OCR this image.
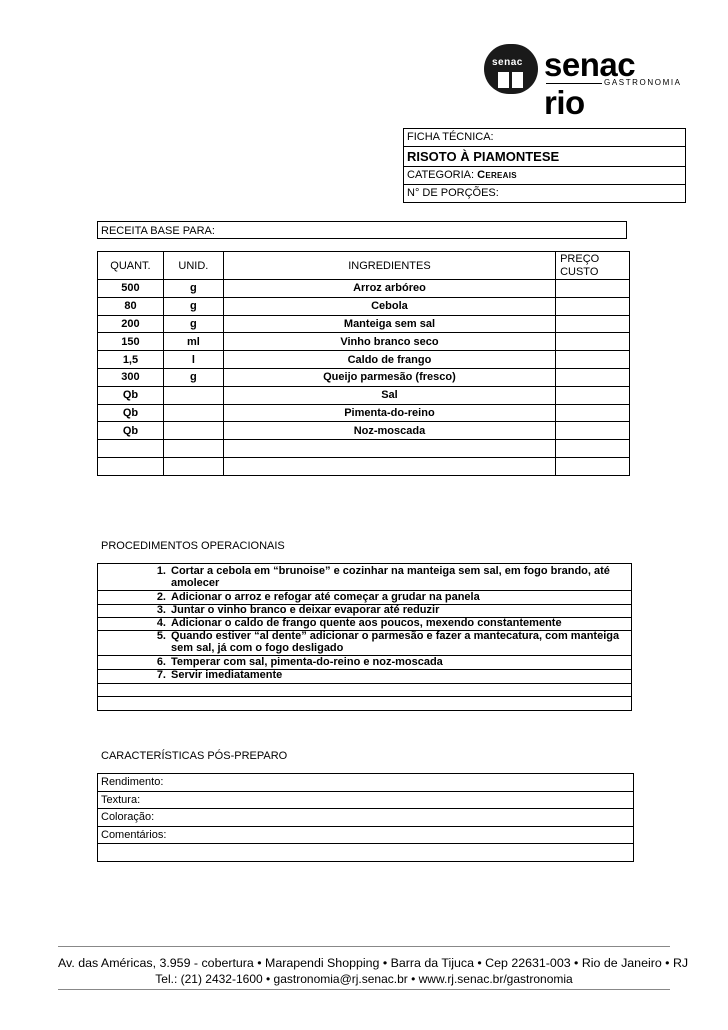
senac senac rio
GASTRONOMIA
FICHA TÉCNICA:
RISOTO À PIAMONTESE
CATEGORIA: Cereais
N° DE PORÇÕES:
RECEITA BASE PARA:
QUANT.	UNID.	INGREDIENTES	PREÇO CUSTO
500	g	Arroz arbóreo	
80	g	Cebola	
200	g	Manteiga sem sal	
150	ml	Vinho branco seco	
1,5	l	Caldo de frango	
300	g	Queijo parmesão (fresco)	
Qb		Sal	
Qb		Pimenta-do-reino	
Qb		Noz-moscada	

PROCEDIMENTOS OPERACIONAIS
1. Cortar a cebola em “brunoise” e cozinhar na manteiga sem sal, em fogo brando, até amolecer
2. Adicionar o arroz e refogar até começar a grudar na panela
3. Juntar o vinho branco e deixar evaporar até reduzir
4. Adicionar o caldo de frango quente aos poucos, mexendo constantemente
5. Quando estiver “al dente” adicionar o parmesão e fazer a mantecatura, com manteiga sem sal, já com o fogo desligado
6. Temperar com sal, pimenta-do-reino e noz-moscada
7. Servir imediatamente
CARACTERÍSTICAS PÓS-PREPARO
Rendimento:
Textura:
Coloração:
Comentários:
Av. das Américas, 3.959 - cobertura • Marapendi Shopping • Barra da Tijuca • Cep 22631-003 • Rio de Janeiro • RJ
Tel.: (21) 2432-1600 • gastronomia@rj.senac.br • www.rj.senac.br/gastronomia
